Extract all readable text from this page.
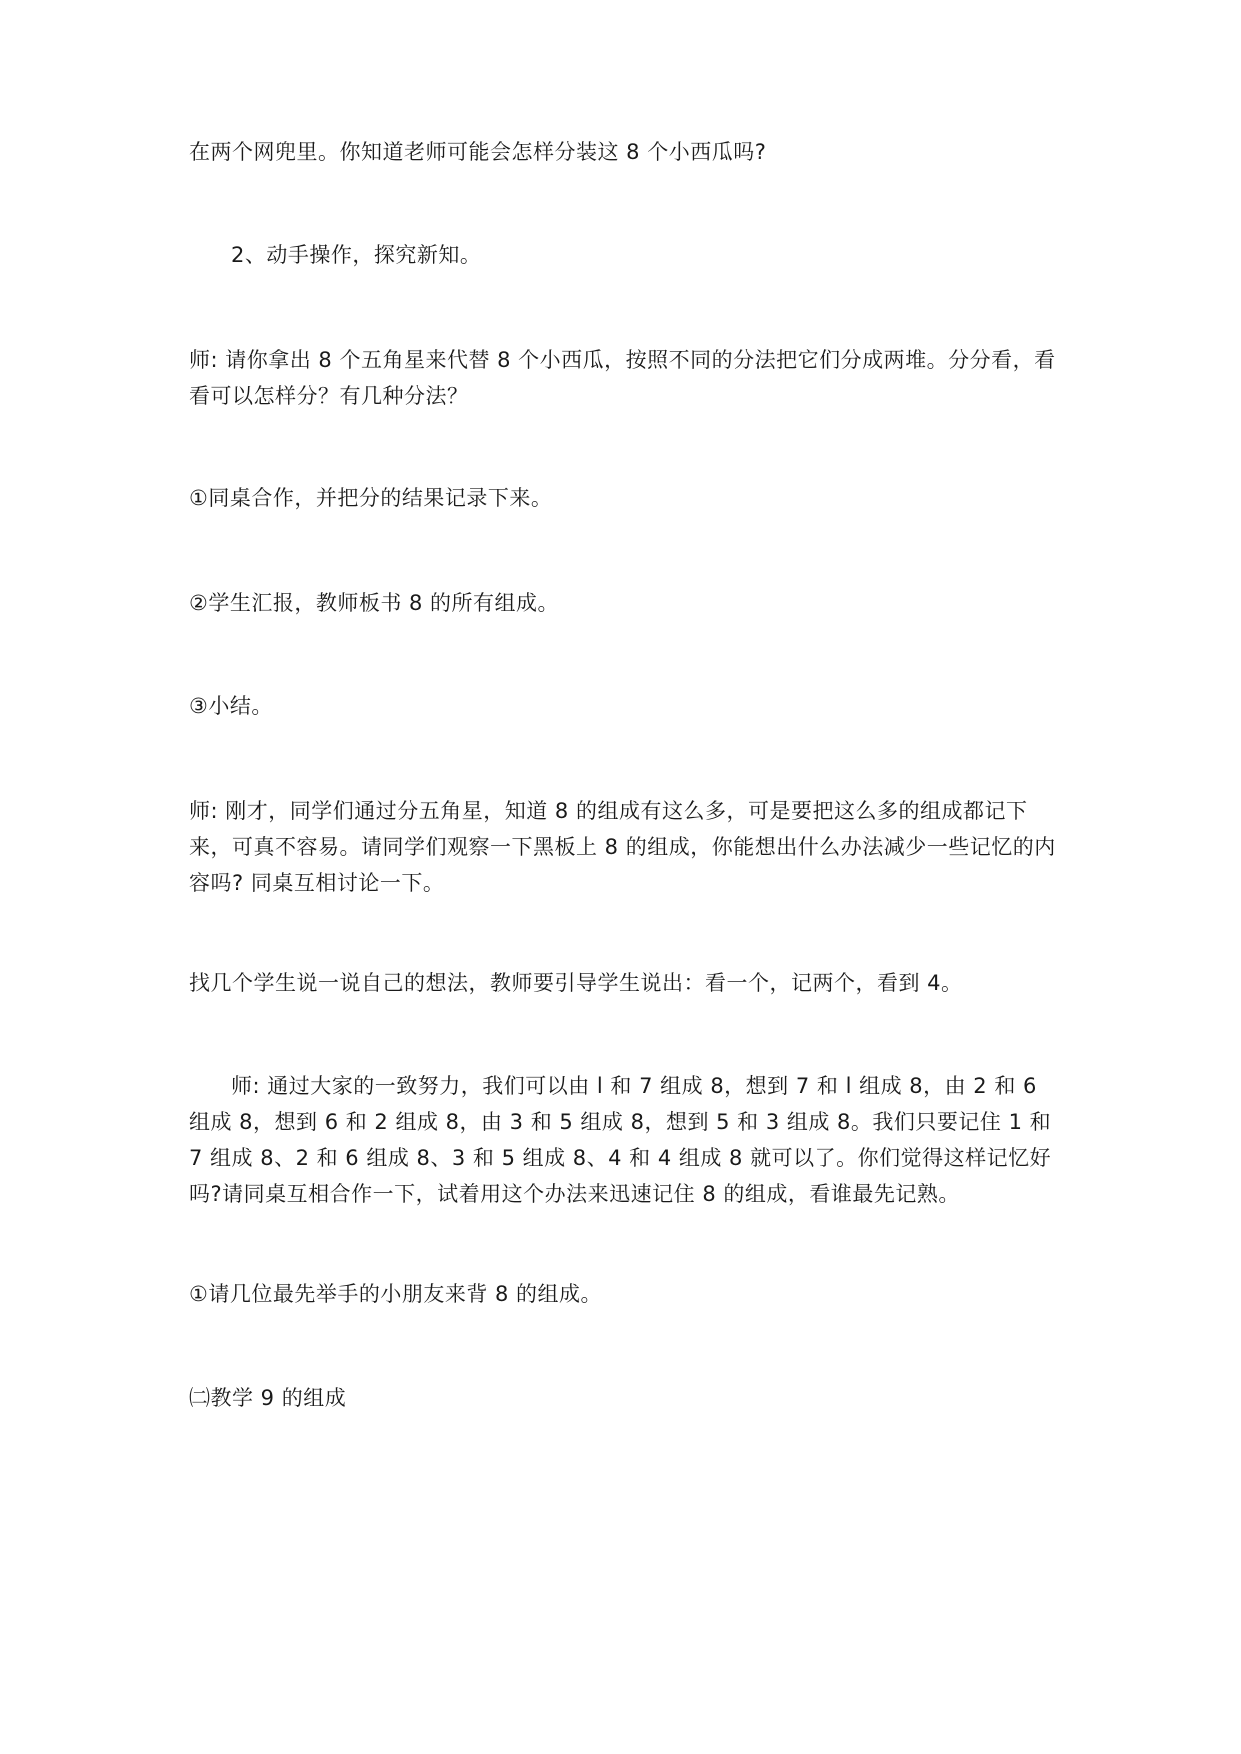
在两个网兜里。你知道老师可能会怎样分装这 8 个小西瓜吗?

2、动手操作，探究新知。

师: 请你拿出 8 个五角星来代替 8 个小西瓜，按照不同的分法把它们分成两堆。分分看，看看可以怎样分？有几种分法？

①同桌合作，并把分的结果记录下来。

②学生汇报，教师板书 8 的所有组成。

③小结。

师: 刚才，同学们通过分五角星，知道 8 的组成有这么多，可是要把这么多的组成都记下来，可真不容易。请同学们观察一下黑板上 8 的组成，你能想出什么办法减少一些记忆的内容吗? 同桌互相讨论一下。

找几个学生说一说自己的想法，教师要引导学生说出：看一个，记两个，看到 4。

师: 通过大家的一致努力，我们可以由 l 和 7 组成 8，想到 7 和 l 组成 8，由 2 和 6 组成 8，想到 6 和 2 组成 8，由 3 和 5 组成 8，想到 5 和 3 组成 8。我们只要记住 1 和 7 组成 8、2 和 6 组成 8、3 和 5 组成 8、4 和 4 组成 8 就可以了。你们觉得这样记忆好吗?请同桌互相合作一下，试着用这个办法来迅速记住 8 的组成，看谁最先记熟。

①请几位最先举手的小朋友来背 8 的组成。

㈡教学 9 的组成
